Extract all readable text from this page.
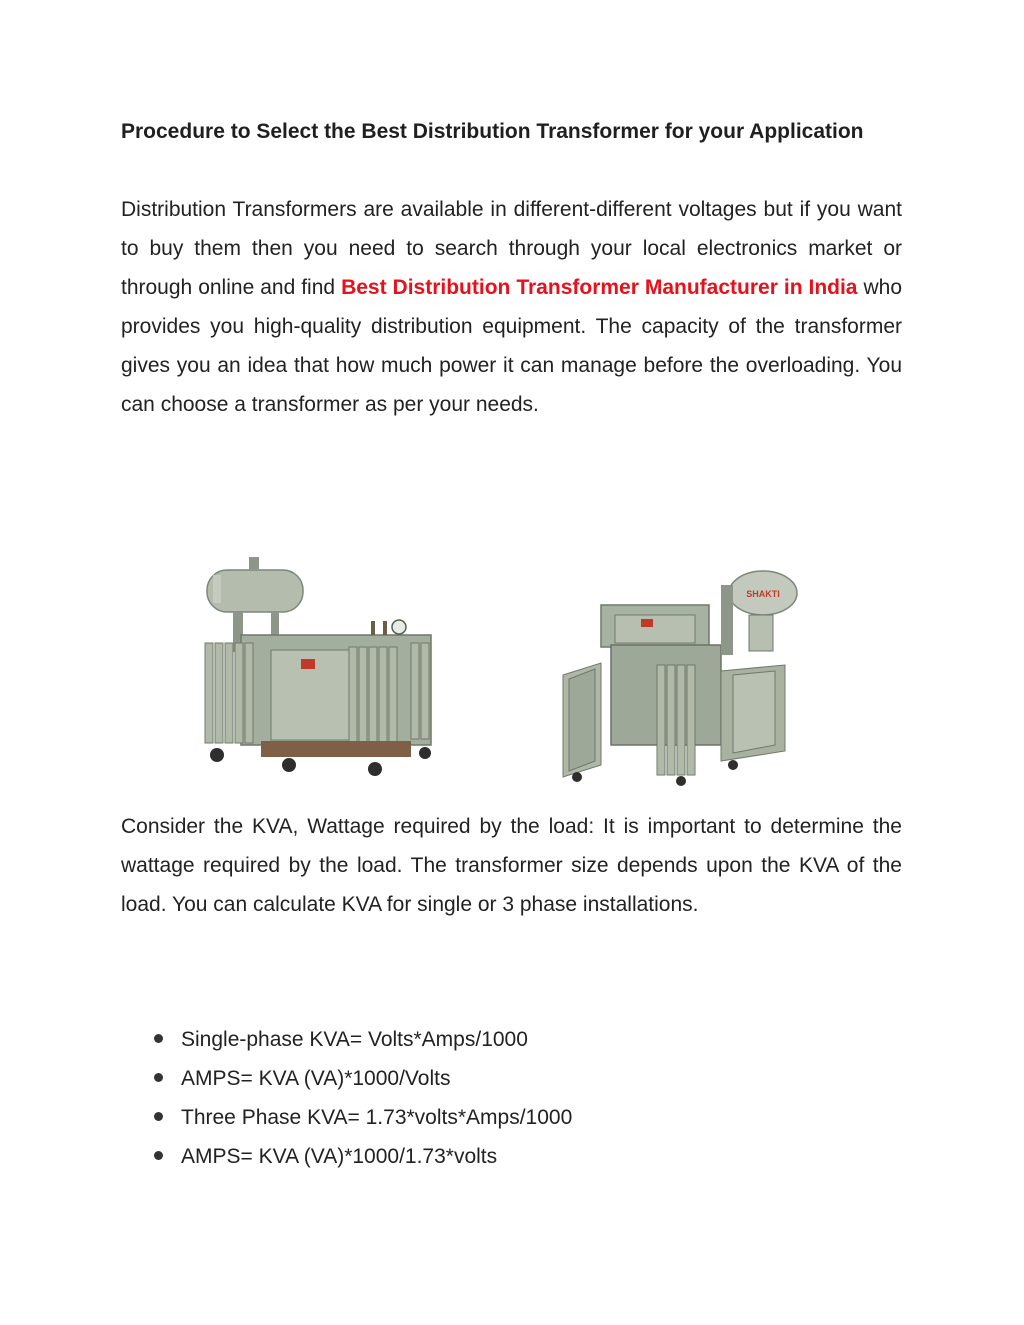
Procedure to Select the Best Distribution Transformer for your Application

Distribution Transformers are available in different-different voltages but if you want to buy them then you need to search through your local electronics market or through online and find Best Distribution Transformer Manufacturer in India who provides you high-quality distribution equipment. The capacity of the transformer gives you an idea that how much power it can manage before the overloading. You can choose a transformer as per your needs.

SHAKTI

Consider the KVA, Wattage required by the load: It is important to determine the wattage required by the load. The transformer size depends upon the KVA of the load. You can calculate KVA for single or 3 phase installations.

Single-phase KVA= Volts*Amps/1000
AMPS= KVA (VA)*1000/Volts
Three Phase KVA= 1.73*volts*Amps/1000
AMPS= KVA (VA)*1000/1.73*volts
